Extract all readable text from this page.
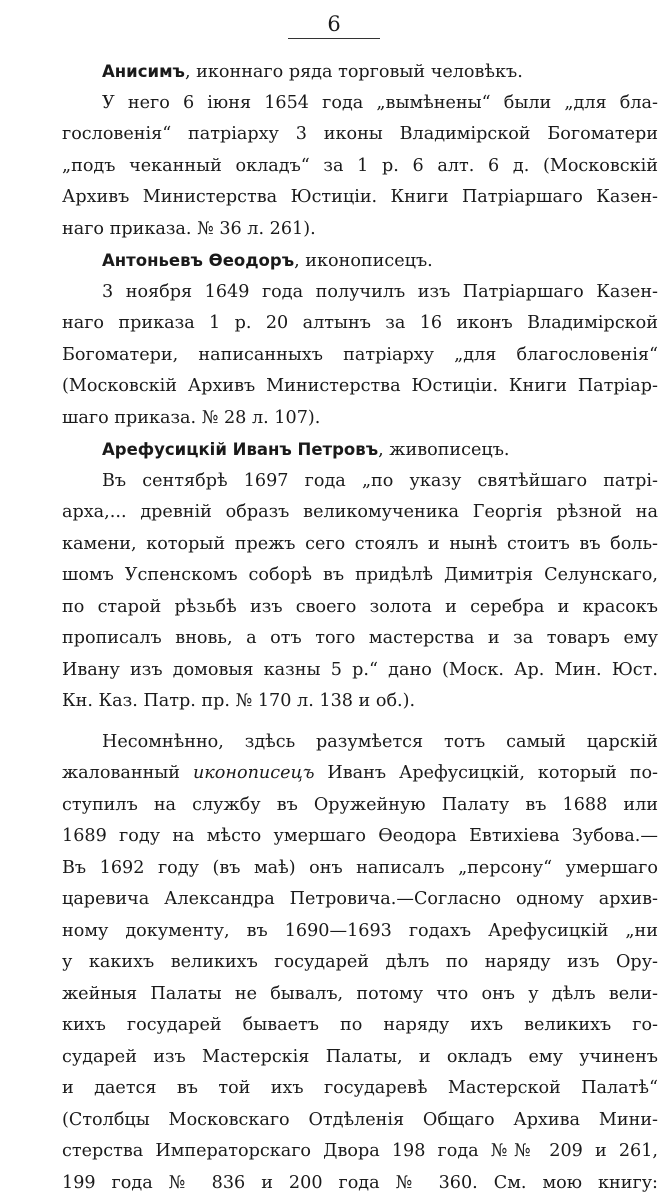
6
Анисимъ, иконнаго ряда торговый человѣкъ.
У него 6 iюня 1654 года „вымѣнены“ были „для бла-
гословенiя“ патрiарху 3 иконы Владимiрской Богоматери
„подъ чеканный окладъ“ за 1 р. 6 алт. 6 д. (Московскiй
Архивъ Министерства Юстицiи. Книги Патрiаршаго Казен-
наго приказа. № 36 л. 261).
Антоньевъ Ѳеодоръ, иконописецъ.
3 ноября 1649 года получилъ изъ Патрiаршаго Казен-
наго приказа 1 р. 20 алтынъ за 16 иконъ Владимiрской
Богоматери, написанныхъ патрiарху „для благословенiя“
(Московскiй Архивъ Министерства Юстицiи. Книги Патрiар-
шаго приказа. № 28 л. 107).
Арефусицкiй Иванъ Петровъ, живописецъ.
Въ сентябрѣ 1697 года „по указу святѣйшаго патрi-
арха,... древнiй образъ великомученика Георгiя рѣзной на
камени, который прежъ сего стоялъ и нынѣ стоитъ въ боль-
шомъ Успенскомъ соборѣ въ придѣлѣ Димитрiя Селунскаго,
по старой рѣзьбѣ изъ своего золота и серебра и красокъ
прописалъ вновь, а отъ того мастерства и за товаръ ему
Ивану изъ домовыя казны 5 р.“ дано (Моск. Ар. Мин. Юст.
Кн. Каз. Патр. пр. № 170 л. 138 и об.).
Несомнѣнно, здѣсь разумѣется тотъ самый царскiй
жалованный иконописецъ Иванъ Арефусицкiй, который по-
ступилъ на службу въ Оружейную Палату въ 1688 или
1689 году на мѣсто умершаго Ѳеодора Евтихiева Зубова.—
Въ 1692 году (въ маѣ) онъ написалъ „персону“ умершаго
царевича Александра Петровича.—Согласно одному архив-
ному документу, въ 1690—1693 годахъ Арефусицкiй „ни
у какихъ великихъ государей дѣлъ по наряду изъ Ору-
жейныя Палаты не бывалъ, потому что онъ у дѣлъ вели-
кихъ государей бываетъ по наряду ихъ великихъ го-
сударей изъ Мастерскiя Палаты, и окладъ ему учиненъ
и дается въ той ихъ государевѣ Мастерской Палатѣ“
(Столбцы Московскаго Отдѣленiя Общаго Архива Мини-
стерства Императорскаго Двора 198 года №№ 209 и 261,
199 года № 836 и 200 года № 360. См. мою книгу:
